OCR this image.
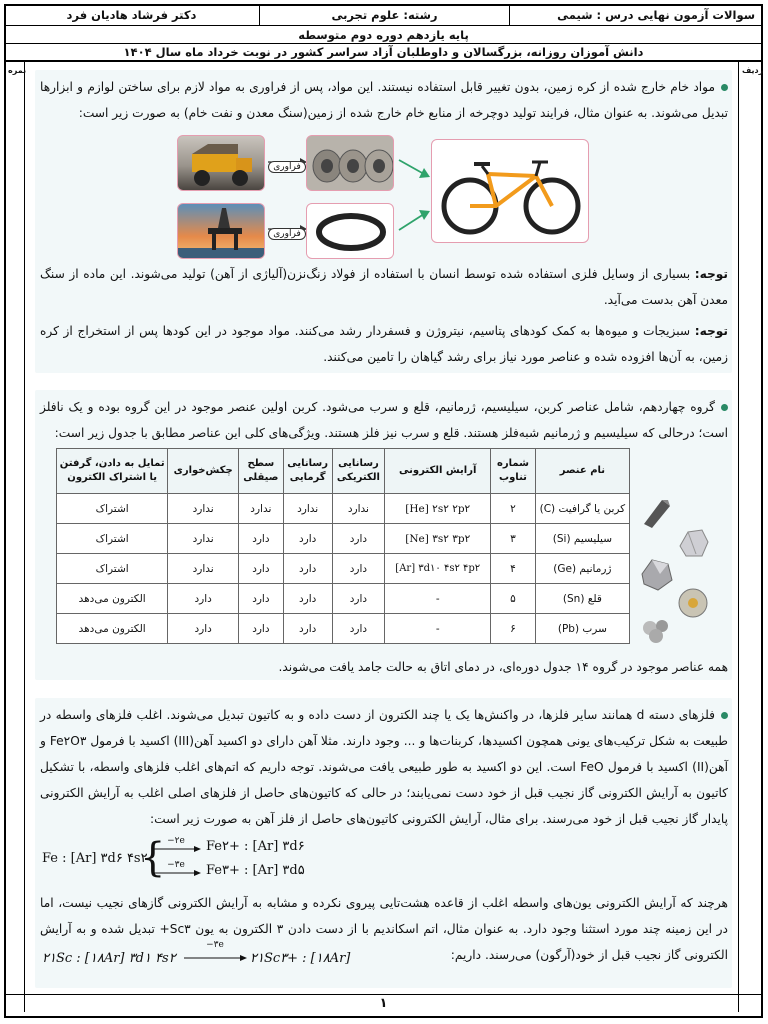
سوالات آزمون نهایی درس : شیمی
رشته: علوم تجربی
دکتر فرشاد هادیان فرد
پایه یازدهم دوره دوم متوسطه
دانش آموزان روزانه، بزرگسالان و داوطلبان آزاد سراسر کشور در نوبت خرداد ماه سال ۱۴۰۴
نمره	ردیف
مواد خام خارج شده از کره زمین، بدون تغییر قابل استفاده نیستند. این مواد، پس از فراوری به مواد لازم برای ساختن لوازم و ابزارها تبدیل می‌شوند. به عنوان مثال، فرایند تولید دوچرخه از منابع خام خارج شده از زمین(سنگ معدن و نفت خام) به صورت زیر است:
فراوری
فراوری
توجه: بسیاری از وسایل فلزی استفاده شده توسط انسان با استفاده از فولاد زنگ‌نزن(آلیاژی از آهن) تولید می‌شوند. این ماده از سنگ معدن آهن بدست می‌آید.
توجه: سبزیجات و میوه‌ها به کمک کودهای پتاسیم، نیتروژن و فسفردار رشد می‌کنند. مواد موجود در این کودها پس از استخراج از کره زمین، به آن‌ها افزوده شده و عناصر مورد نیاز برای رشد گیاهان را تامین می‌کنند.
گروه چهاردهم، شامل عناصر کربن، سیلیسیم، ژرمانیم، قلع و سرب می‌شود. کربن اولین عنصر موجود در این گروه بوده و یک نافلز است؛ درحالی که سیلیسیم و ژرمانیم شبه‌فلز هستند. قلع و سرب نیز فلز هستند. ویژگی‌های کلی این عناصر مطابق با جدول زیر است:
نام عنصر	شماره تناوب	آرایش الکترونی	رسانایی الکتریکی	رسانایی گرمایی	سطح صیقلی	چکش‌خواری	تمایل به دادن، گرفتن یا اشتراک الکترون
کربن یا گرافیت (C)	۲	[He] ۲s۲ ۲p۲	ندارد	ندارد	ندارد	ندارد	اشتراک
سیلیسیم (Si)	۳	[Ne] ۳s۲ ۳p۲	دارد	دارد	دارد	ندارد	اشتراک
ژرمانیم (Ge)	۴	[Ar] ۳d۱۰ ۴s۲ ۴p۲	دارد	دارد	دارد	ندارد	اشتراک
قلع (Sn)	۵	-	دارد	دارد	دارد	دارد	الکترون می‌دهد
سرب (Pb)	۶	-	دارد	دارد	دارد	دارد	الکترون می‌دهد
همه عناصر موجود در گروه ۱۴ جدول دوره‌ای، در دمای اتاق به حالت جامد یافت می‌شوند.
فلزهای دسته d همانند سایر فلزها، در واکنش‌ها یک یا چند الکترون از دست داده و به کاتیون تبدیل می‌شوند. اغلب فلزهای واسطه در طبیعت به شکل ترکیب‌های یونی همچون اکسیدها، کربنات‌ها و ... وجود دارند. مثلا آهن دارای دو اکسید آهن(III) اکسید با فرمول Fe۲O۳ و آهن(II) اکسید با فرمول FeO است. این دو اکسید به طور طبیعی یافت می‌شوند. توجه داریم که اتم‌های اغلب فلزهای واسطه، با تشکیل کاتیون به آرایش الکترونی گاز نجیب قبل از خود دست نمی‌یابند؛ در حالی که کاتیون‌های حاصل از فلزهای اصلی اغلب به آرایش الکترونی پایدار گاز نجیب قبل از خود می‌رسند. برای مثال، آرایش الکترونی کاتیون‌های حاصل از فلز آهن به صورت زیر است:
Fe : [Ar] ۳d۶ ۴s۲
{ −۲e	Fe۲+ : [Ar] ۳d۶
−۳e	Fe۳+ : [Ar] ۳d۵
هرچند که آرایش الکترونی یون‌های واسطه اغلب از قاعده هشت‌تایی پیروی نکرده و مشابه به آرایش الکترونی گازهای نجیب نیست، اما در این زمینه چند مورد استثنا وجود دارد. به عنوان مثال، اتم اسکاندیم با از دست دادن ۳ الکترون به یون Sc۳+ تبدیل شده و به آرایش الکترونی گاز نجیب قبل از خود(آرگون) می‌رسند. داریم:
۲۱Sc : [۱۸Ar] ۳d۱ ۴s۲
−۳e
۲۱Sc۳+ : [۱۸Ar]
۱
